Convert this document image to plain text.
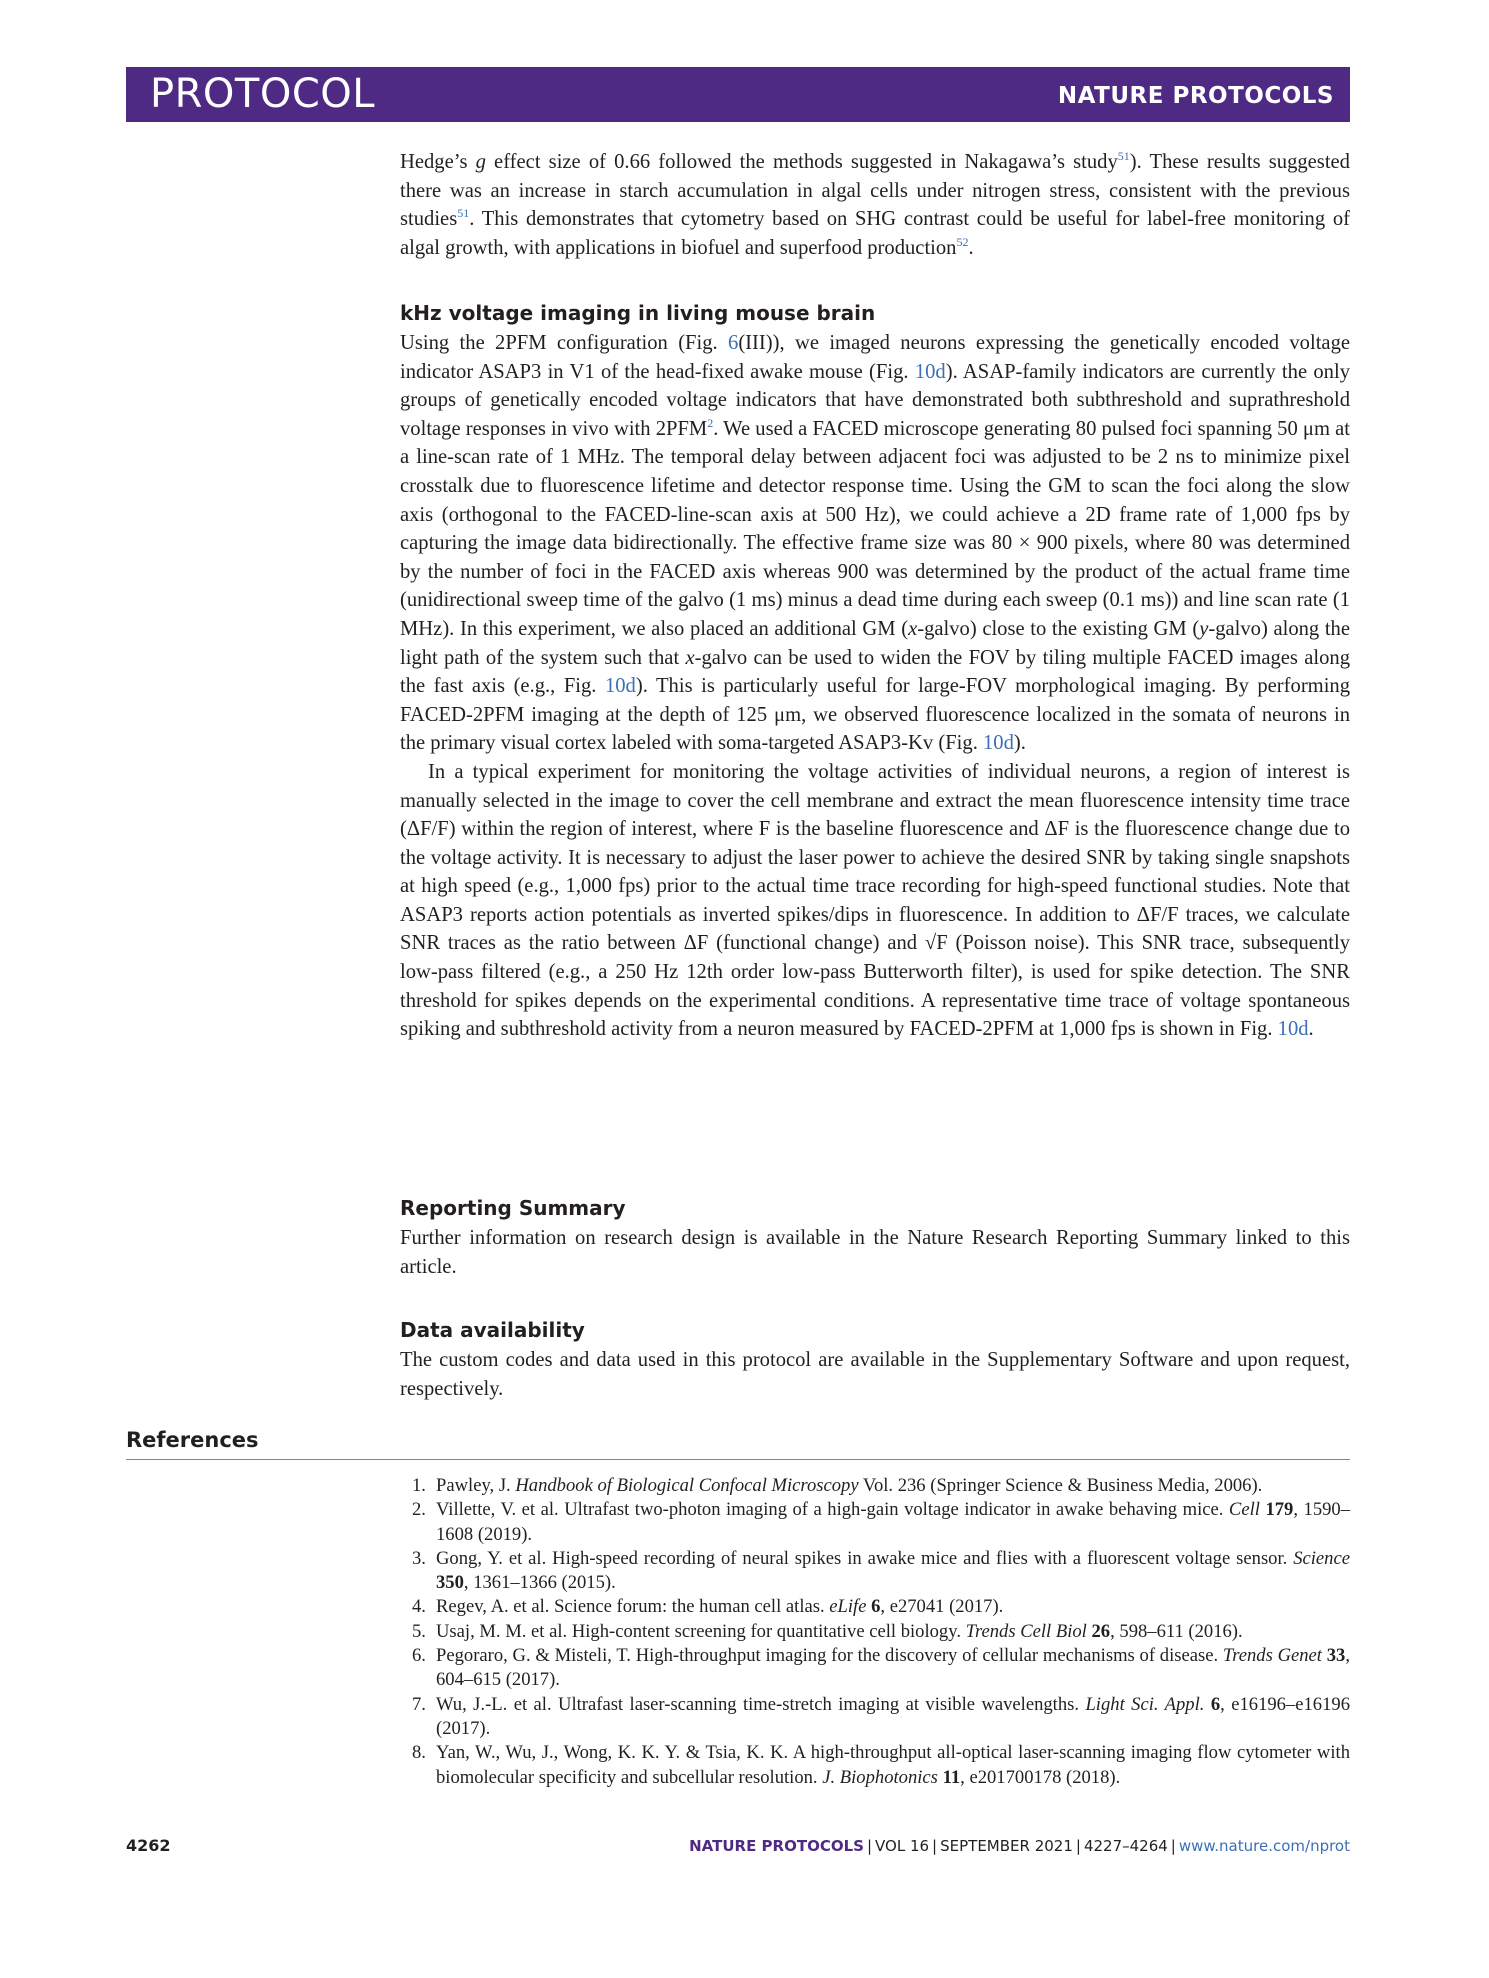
PROTOCOL	NATURE PROTOCOLS

Hedge’s g effect size of 0.66 followed the methods suggested in Nakagawa’s study$^{51}$). These results suggested there was an increase in starch accumulation in algal cells under nitrogen stress, consistent with the previous studies$^{51}$. This demonstrates that cytometry based on SHG contrast could be useful for label-free monitoring of algal growth, with applications in biofuel and superfood production$^{52}$.

kHz voltage imaging in living mouse brain

Using the 2PFM configuration (Fig. 6(III)), we imaged neurons expressing the genetically encoded voltage indicator ASAP3 in V1 of the head-fixed awake mouse (Fig. 10d). ASAP-family indicators are currently the only groups of genetically encoded voltage indicators that have demonstrated both subthreshold and suprathreshold voltage responses in vivo with 2PFM$^2$. We used a FACED microscope generating 80 pulsed foci spanning 50 μm at a line-scan rate of 1 MHz. The temporal delay between adjacent foci was adjusted to be 2 ns to minimize pixel crosstalk due to fluorescence lifetime and detector response time. Using the GM to scan the foci along the slow axis (orthogonal to the FACED-line-scan axis at 500 Hz), we could achieve a 2D frame rate of 1,000 fps by capturing the image data bidirectionally. The effective frame size was 80 × 900 pixels, where 80 was determined by the number of foci in the FACED axis whereas 900 was determined by the product of the actual frame time (unidirectional sweep time of the galvo (1 ms) minus a dead time during each sweep (0.1 ms)) and line scan rate (1 MHz). In this experiment, we also placed an additional GM (x-galvo) close to the existing GM (y-galvo) along the light path of the system such that x-galvo can be used to widen the FOV by tiling multiple FACED images along the fast axis (e.g., Fig. 10d). This is particularly useful for large-FOV morphological imaging. By performing FACED-2PFM imaging at the depth of 125 μm, we observed fluorescence localized in the somata of neurons in the primary visual cortex labeled with soma-targeted ASAP3-Kv (Fig. 10d).

In a typical experiment for monitoring the voltage activities of individual neurons, a region of interest is manually selected in the image to cover the cell membrane and extract the mean fluorescence intensity time trace (ΔF/F) within the region of interest, where F is the baseline fluorescence and ΔF is the fluorescence change due to the voltage activity. It is necessary to adjust the laser power to achieve the desired SNR by taking single snapshots at high speed (e.g., 1,000 fps) prior to the actual time trace recording for high-speed functional studies. Note that ASAP3 reports action potentials as inverted spikes/dips in fluorescence. In addition to ΔF/F traces, we calculate SNR traces as the ratio between ΔF (functional change) and √F (Poisson noise). This SNR trace, subsequently low-pass filtered (e.g., a 250 Hz 12th order low-pass Butterworth filter), is used for spike detection. The SNR threshold for spikes depends on the experimental conditions. A representative time trace of voltage spontaneous spiking and subthreshold activity from a neuron measured by FACED-2PFM at 1,000 fps is shown in Fig. 10d.

Reporting Summary

Further information on research design is available in the Nature Research Reporting Summary linked to this article.

Data availability

The custom codes and data used in this protocol are available in the Supplementary Software and upon request, respectively.

References
1. Pawley, J. Handbook of Biological Confocal Microscopy Vol. 236 (Springer Science & Business Media, 2006).
2. Villette, V. et al. Ultrafast two-photon imaging of a high-gain voltage indicator in awake behaving mice. Cell 179, 1590–1608 (2019).
3. Gong, Y. et al. High-speed recording of neural spikes in awake mice and flies with a fluorescent voltage sensor. Science 350, 1361–1366 (2015).
4. Regev, A. et al. Science forum: the human cell atlas. eLife 6, e27041 (2017).
5. Usaj, M. M. et al. High-content screening for quantitative cell biology. Trends Cell Biol 26, 598–611 (2016).
6. Pegoraro, G. & Misteli, T. High-throughput imaging for the discovery of cellular mechanisms of disease. Trends Genet 33, 604–615 (2017).
7. Wu, J.-L. et al. Ultrafast laser-scanning time-stretch imaging at visible wavelengths. Light Sci. Appl. 6, e16196–e16196 (2017).
8. Yan, W., Wu, J., Wong, K. K. Y. & Tsia, K. K. A high-throughput all-optical laser-scanning imaging flow cytometer with biomolecular specificity and subcellular resolution. J. Biophotonics 11, e201700178 (2018).
4262	NATURE PROTOCOLS | VOL 16 | SEPTEMBER 2021 | 4227–4264 | www.nature.com/nprot
